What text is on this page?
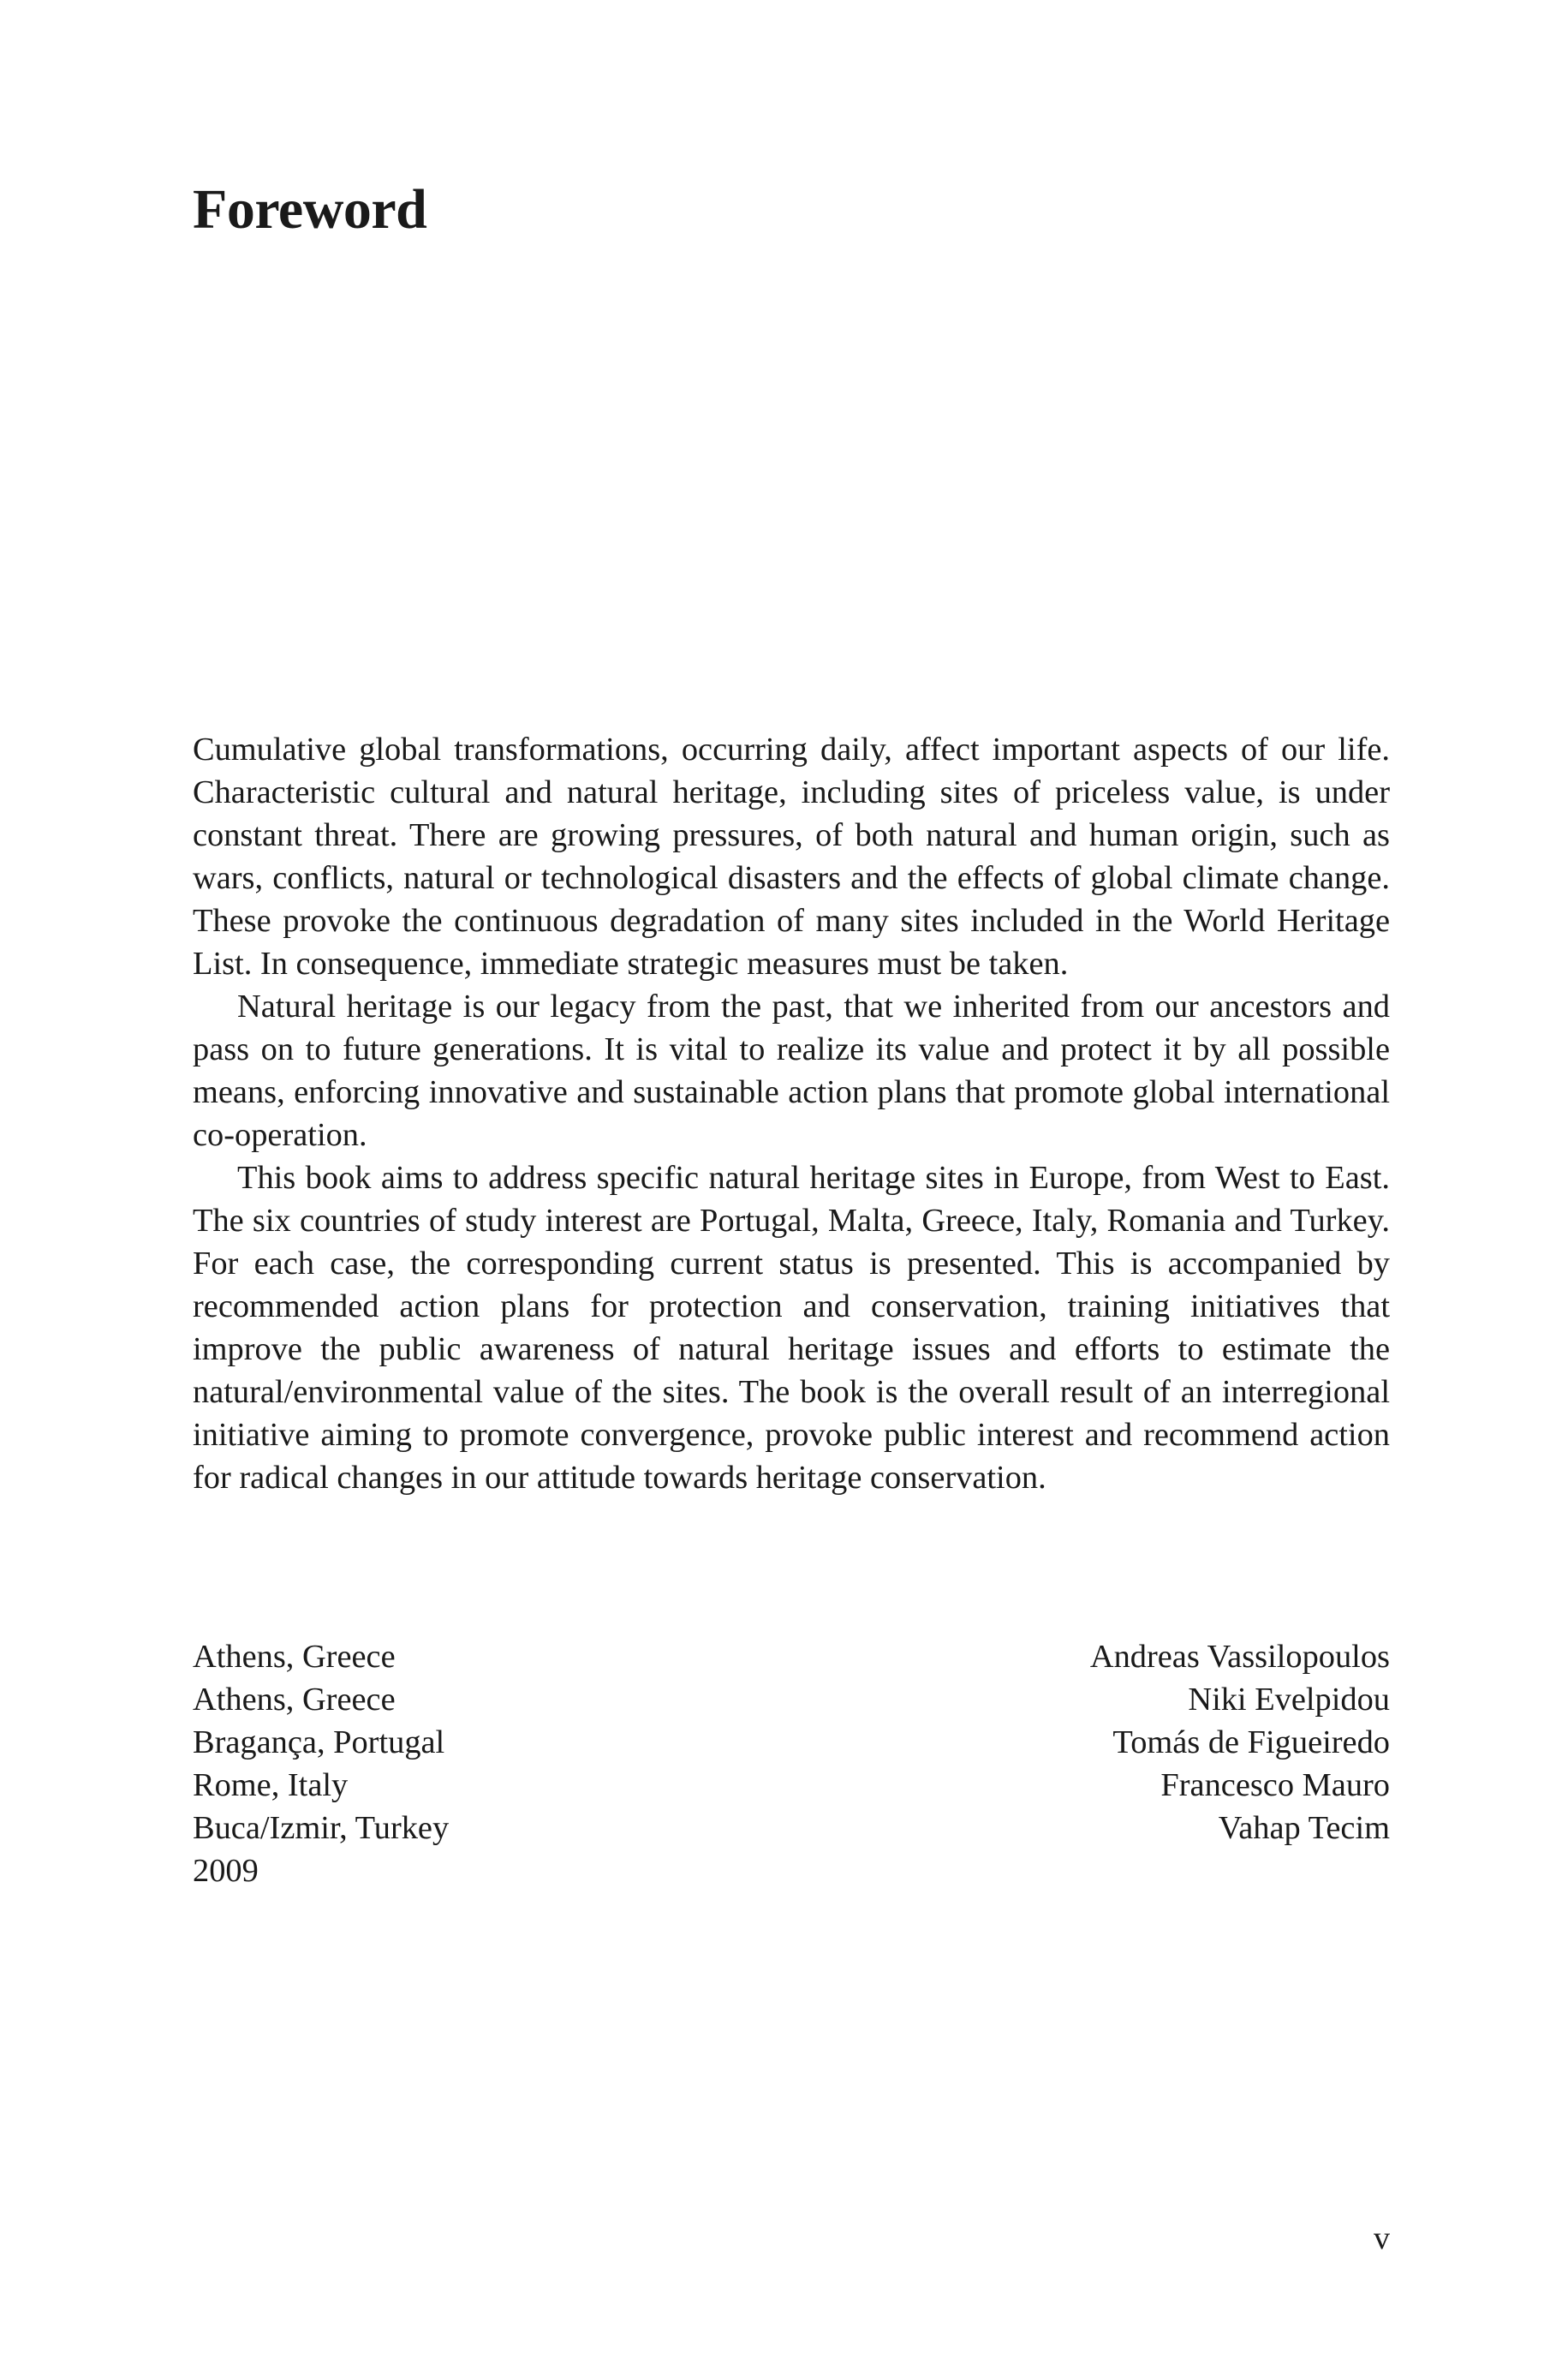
Foreword

Cumulative global transformations, occurring daily, affect important aspects of our life. Characteristic cultural and natural heritage, including sites of priceless value, is under constant threat. There are growing pressures, of both natural and human origin, such as wars, conflicts, natural or technological disasters and the effects of global climate change. These provoke the continuous degradation of many sites included in the World Heritage List. In consequence, immediate strategic measures must be taken.

Natural heritage is our legacy from the past, that we inherited from our ancestors and pass on to future generations. It is vital to realize its value and protect it by all possible means, enforcing innovative and sustainable action plans that promote global international co-operation.

This book aims to address specific natural heritage sites in Europe, from West to East. The six countries of study interest are Portugal, Malta, Greece, Italy, Romania and Turkey. For each case, the corresponding current status is presented. This is accompanied by recommended action plans for protection and conservation, training initiatives that improve the public awareness of natural heritage issues and efforts to estimate the natural/environmental value of the sites. The book is the overall result of an interregional initiative aiming to promote convergence, provoke public interest and recommend action for radical changes in our attitude towards heritage conservation.

Athens, Greece	Andreas Vassilopoulos
Athens, Greece	Niki Evelpidou
Bragança, Portugal	Tomás de Figueiredo
Rome, Italy	Francesco Mauro
Buca/Izmir, Turkey	Vahap Tecim
2009
v
